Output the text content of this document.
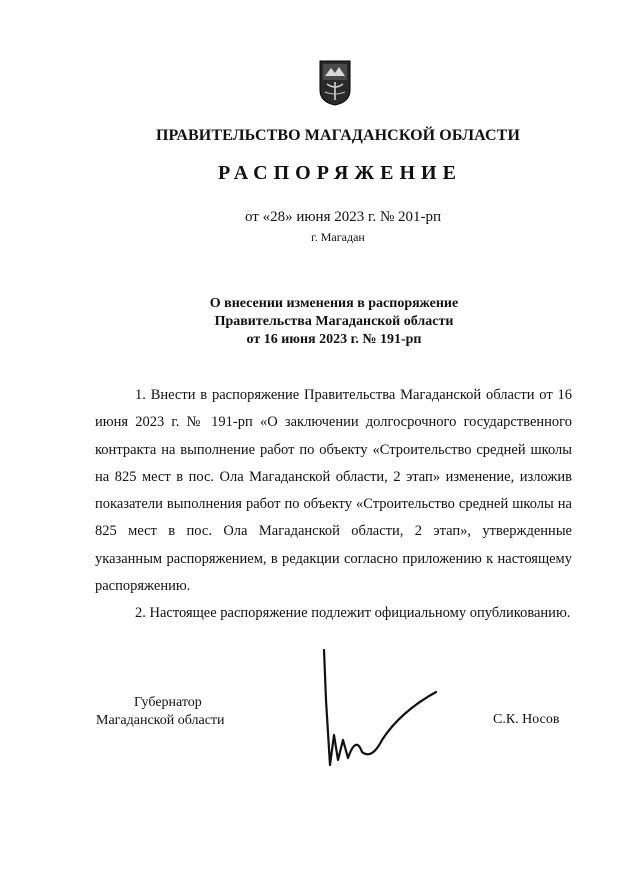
ПРАВИТЕЛЬСТВО МАГАДАНСКОЙ ОБЛАСТИ
РАСПОРЯЖЕНИЕ
от «28» июня 2023 г. № 201-рп
г. Магадан
О внесении изменения в распоряжение
Правительства Магаданской области
от 16 июня 2023 г. № 191-рп

1. Внести в распоряжение Правительства Магаданской области от 16 июня 2023 г. № 191-рп «О заключении долгосрочного государственного контракта на выполнение работ по объекту «Строительство средней школы на 825 мест в пос. Ола Магаданской области, 2 этап» изменение, изложив показатели выполнения работ по объекту «Строительство средней школы на 825 мест в пос. Ола Магаданской области, 2 этап», утвержденные указанным распоряжением, в редакции согласно приложению к настоящему распоряжению.

2. Настоящее распоряжение подлежит официальному опубликованию.

Губернатор
Магаданской области	С.К. Носов
